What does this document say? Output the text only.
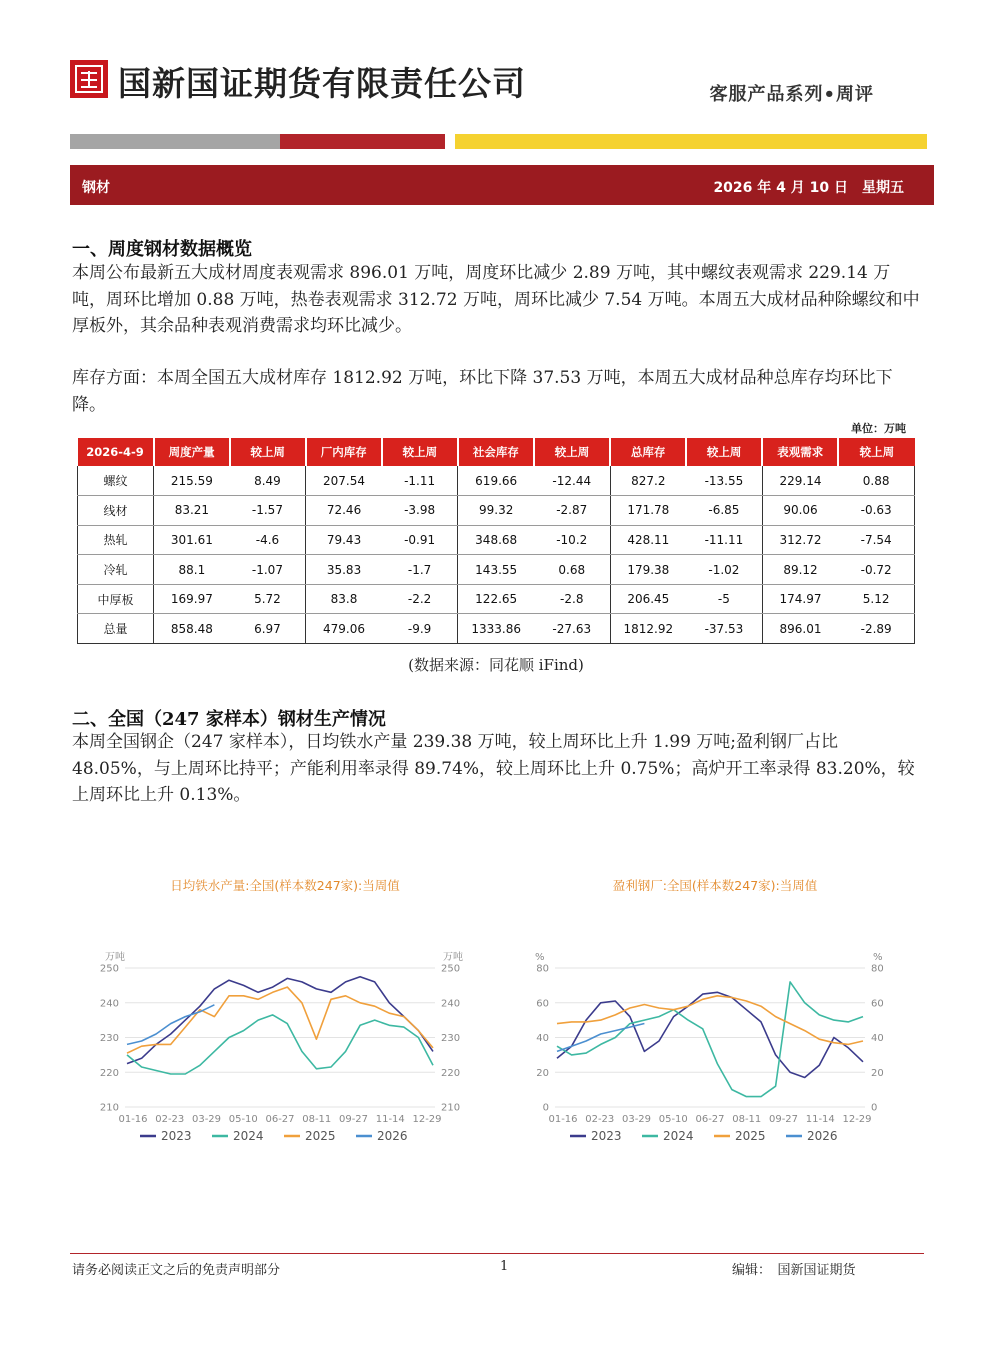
国新国证期货有限责任公司	客服产品系列•周评
钢材	2026 年 4 月 10 日　星期五
一、周度钢材数据概览
本周公布最新五大成材周度表观需求 896.01 万吨，周度环比减少 2.89 万吨，其中螺纹表观需求 229.14 万吨，周环比增加 0.88 万吨，热卷表观需求 312.72 万吨，周环比减少 7.54 万吨。本周五大成材品种除螺纹和中厚板外，其余品种表观消费需求均环比减少。
库存方面：本周全国五大成材库存 1812.92 万吨，环比下降 37.53 万吨，本周五大成材品种总库存均环比下降。
单位：万吨
2026-4-9	周度产量	较上周	厂内库存	较上周	社会库存	较上周	总库存	较上周	表观需求	较上周
螺纹	215.59	8.49	207.54	-1.11	619.66	-12.44	827.2	-13.55	229.14	0.88
线材	83.21	-1.57	72.46	-3.98	99.32	-2.87	171.78	-6.85	90.06	-0.63
热轧	301.61	-4.6	79.43	-0.91	348.68	-10.2	428.11	-11.11	312.72	-7.54
冷轧	88.1	-1.07	35.83	-1.7	143.55	0.68	179.38	-1.02	89.12	-0.72
中厚板	169.97	5.72	83.8	-2.2	122.65	-2.8	206.45	-5	174.97	5.12
总量	858.48	6.97	479.06	-9.9	1333.86	-27.63	1812.92	-37.53	896.01	-2.89
(数据来源：同花顺 iFind)
二、全国（247 家样本）钢材生产情况
本周全国钢企（247 家样本），日均铁水产量 239.38 万吨，较上周环比上升 1.99 万吨;盈利钢厂占比 48.05%，与上周环比持平；产能利用率录得 89.74%，较上周环比上升 0.75%；高炉开工率录得 83.20%，较上周环比上升 0.13%。
日均铁水产量:全国(样本数247家):当周值
万吨	万吨
210	210
220	220
230	230
240	240
250	250
01-16 02-23 03-29 05-10 06-27 08-11 09-27 11-14 12-29
2023	2024	2025	2026
盈利钢厂:全国(样本数247家):当周值
%	%
0	0
20	20
40	40
60	60
80	80
01-16 02-23 03-29 05-10 06-27 08-11 09-27 11-14 12-29
2023	2024	2025	2026
请务必阅读正文之后的免责声明部分	1	编辑：　国新国证期货
